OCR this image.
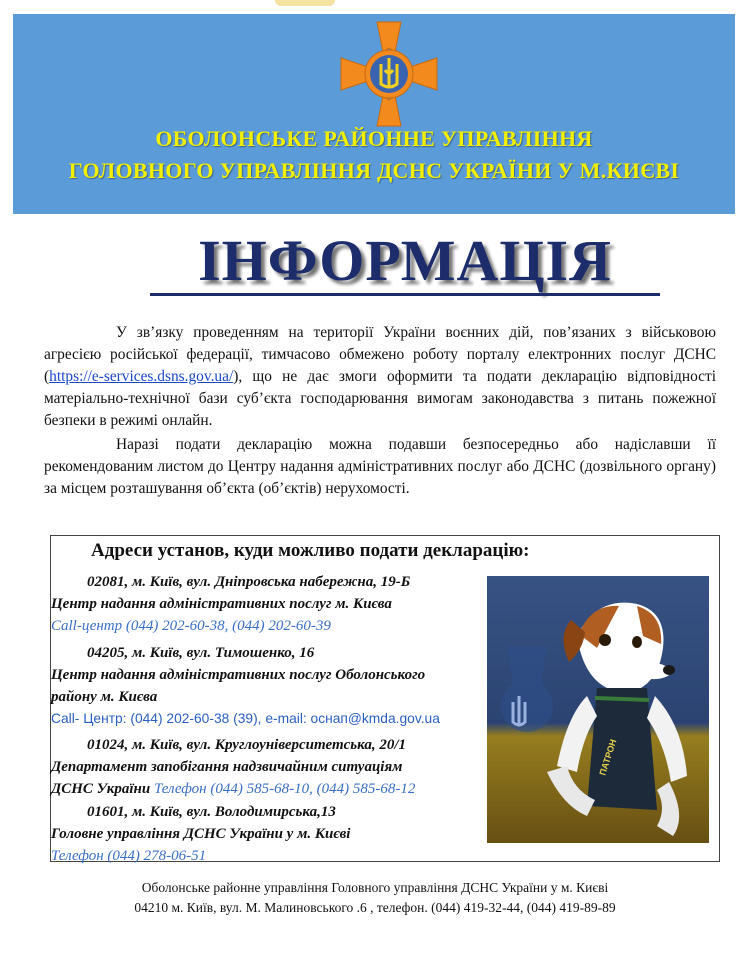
ОБОЛОНСЬКЕ РАЙОННЕ УПРАВЛІННЯ
ГОЛОВНОГО УПРАВЛІННЯ ДСНС УКРАЇНИ У М.КИЄВІ
ІНФОРМАЦІЯ
У зв’язку проведенням на території України воєнних дій, пов’язаних з військовою агресією російської федерації, тимчасово обмежено роботу порталу електронних послуг ДСНС (https://e-services.dsns.gov.ua/), що не дає змоги оформити та подати декларацію відповідності матеріально-технічної бази суб’єкта господарювання вимогам законодавства з питань пожежної безпеки в режимі онлайн.
Наразі подати декларацію можна подавши безпосередньо або надіславши її рекомендованим листом до Центру надання адміністративних послуг або ДСНС (дозвільного органу) за місцем розташування об’єкта (об’єктів) нерухомості.
Адреси установ, куди можливо подати декларацію:
02081, м. Київ, вул. Дніпровська набережна, 19-Б
Центр надання адміністративних послуг м. Києва
Call-центр (044) 202-60-38, (044) 202-60-39
04205, м. Київ, вул. Тимошенко, 16
Центр надання адміністративних послуг Оболонського
району м. Києва
Call- Центр: (044) 202-60-38 (39), e-mail: оснап@kmda.gov.ua
01024, м. Київ, вул. Круглоуніверситетська, 20/1
Департамент запобігання надзвичайним ситуаціям
ДСНС України Телефон (044) 585-68-10, (044) 585-68-12
01601, м. Київ, вул. Володимирська,13
Головне управління ДСНС України у м. Києві
Телефон (044) 278-06-51
ПАТРОН
Оболонське районне управління Головного управління ДСНС України у м. Києві
04210 м. Київ, вул. М. Малиновського .6 , телефон. (044) 419-32-44, (044) 419-89-89
